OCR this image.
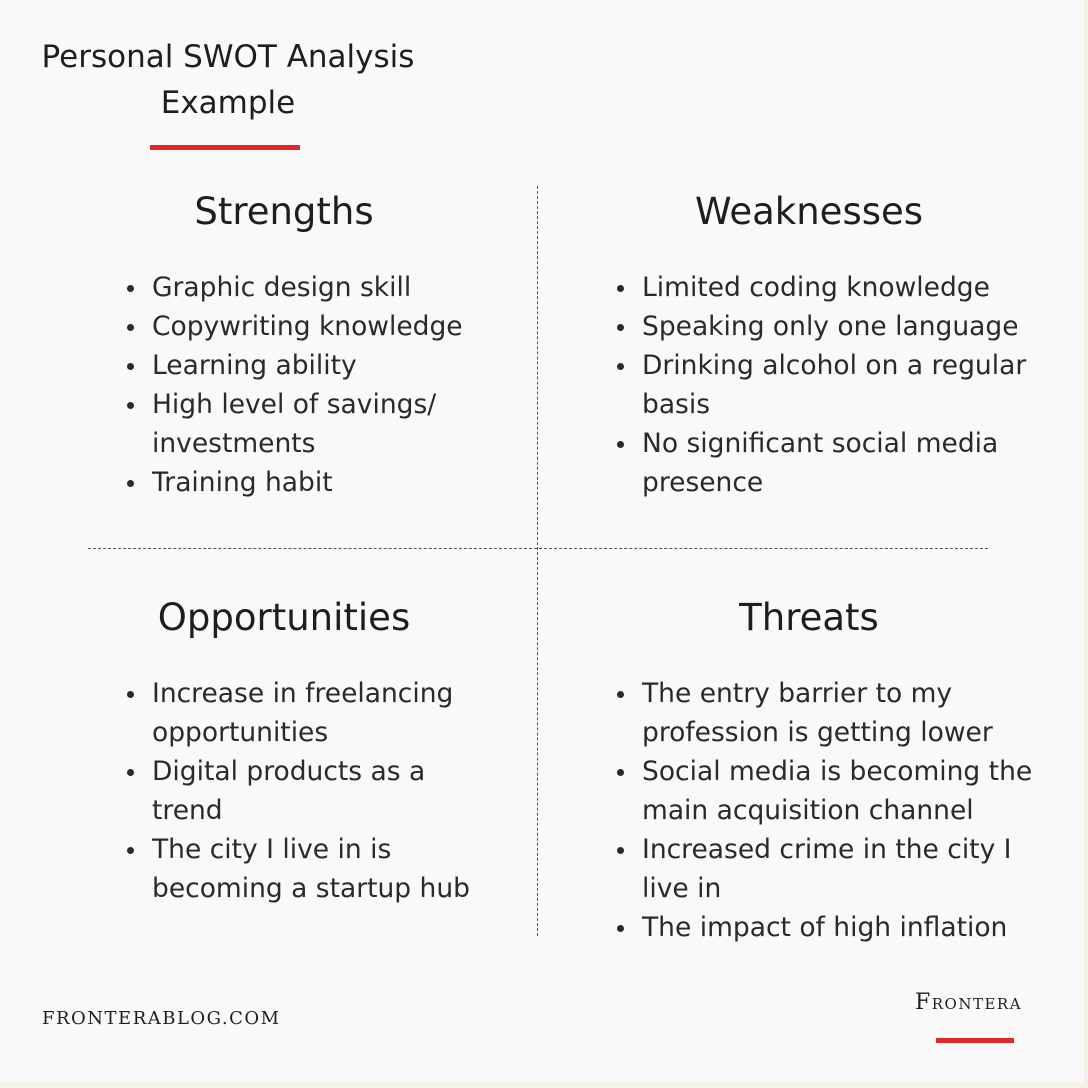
Personal SWOT Analysis
Example
Strengths
Graphic design skill
Copywriting knowledge
Learning ability
High level of savings/ investments
Training habit
Weaknesses
Limited coding knowledge
Speaking only one language
Drinking alcohol on a regular basis
No significant social media presence
Opportunities
Increase in freelancing opportunities
Digital products as a trend
The city I live in is becoming a startup hub
Threats
The entry barrier to my profession is getting lower
Social media is becoming the main acquisition channel
Increased crime in the city I live in
The impact of high inflation
FRONTERABLOG.COM
Frontera
